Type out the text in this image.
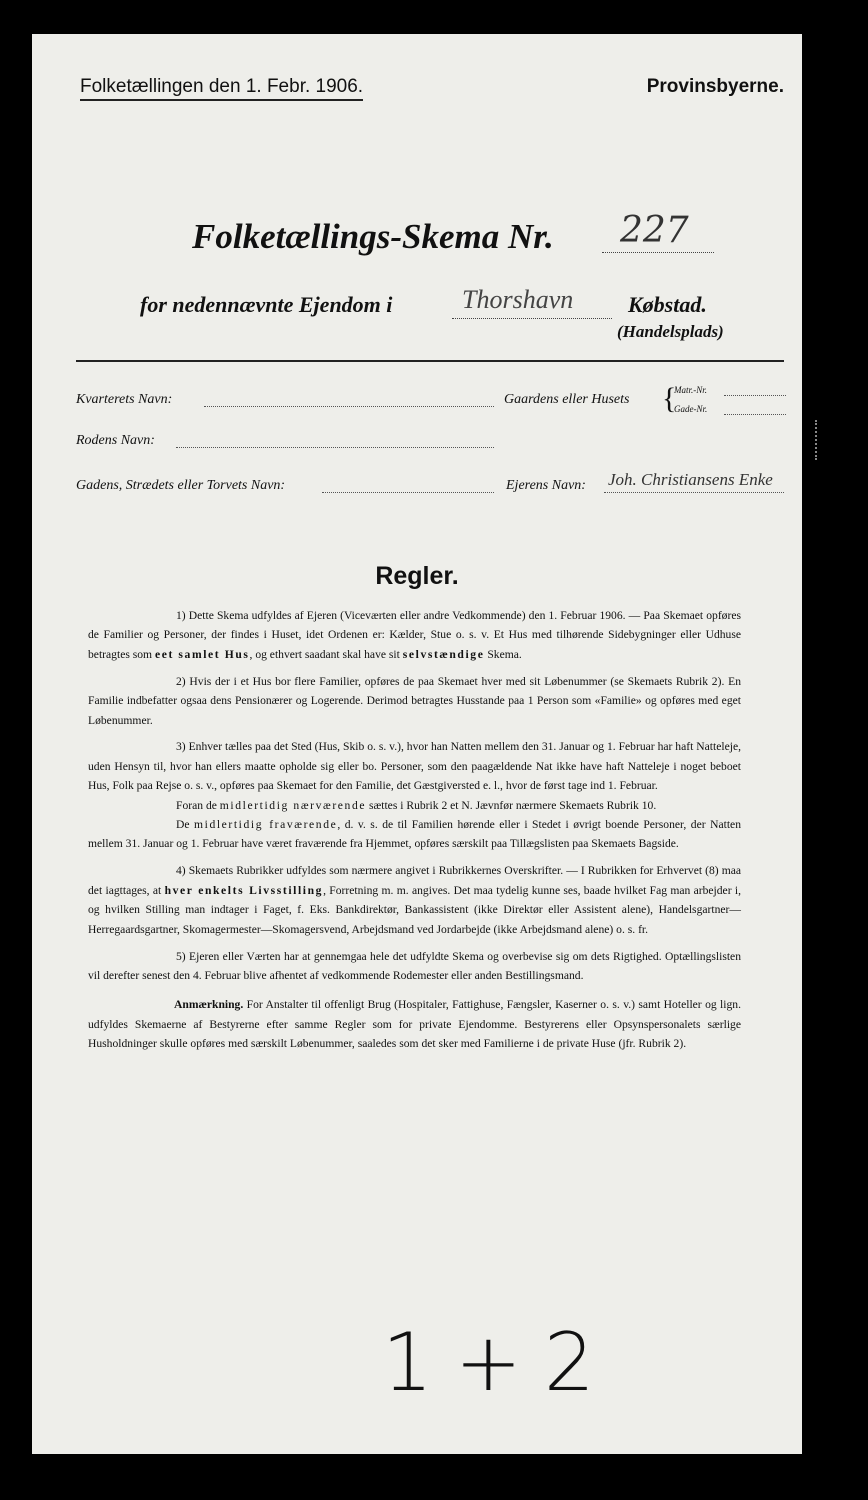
Folketællingen den 1. Febr. 1906.	Provinsbyerne.
Folketællings-Skema Nr. 227
for nedennævnte Ejendom i	Thorshavn Købstad.
(Handelsplads)
Kvarterets Navn:	Gaardens eller Husets {
Matr.-Nr.
Gade-Nr.
Rodens Navn:
Gadens, Strædets eller Torvets Navn:	Ejerens Navn: Joh. Christiansens Enke
Regler.

1) Dette Skema udfyldes af Ejeren (Viceværten eller andre Vedkommende) den 1. Februar 1906. — Paa Skemaet opføres de Familier og Personer, der findes i Huset, idet Ordenen er: Kælder, Stue o. s. v. Et Hus med tilhørende Sidebygninger eller Udhuse betragtes som eet samlet Hus, og ethvert saadant skal have sit selvstændige Skema.

2) Hvis der i et Hus bor flere Familier, opføres de paa Skemaet hver med sit Løbenummer (se Skemaets Rubrik 2). En Familie indbefatter ogsaa dens Pensionærer og Logerende. Derimod betragtes Husstande paa 1 Person som «Familie» og opføres med eget Løbenummer.

3) Enhver tælles paa det Sted (Hus, Skib o. s. v.), hvor han Natten mellem den 31. Januar og 1. Februar har haft Natteleje, uden Hensyn til, hvor han ellers maatte opholde sig eller bo. Personer, som den paagældende Nat ikke have haft Natteleje i noget beboet Hus, Folk paa Rejse o. s. v., opføres paa Skemaet for den Familie, det Gæstgiversted e. l., hvor de først tage ind 1. Februar.

Foran de midlertidig nærværende sættes i Rubrik 2 et N. Jævnfør nærmere Skemaets Rubrik 10.

De midlertidig fraværende, d. v. s. de til Familien hørende eller i Stedet i øvrigt boende Personer, der Natten mellem 31. Januar og 1. Februar have været fraværende fra Hjemmet, opføres særskilt paa Tillægslisten paa Skemaets Bagside.

4) Skemaets Rubrikker udfyldes som nærmere angivet i Rubrikkernes Overskrifter. — I Rubrikken for Erhvervet (8) maa det iagttages, at hver enkelts Livsstilling, Forretning m. m. angives. Det maa tydelig kunne ses, baade hvilket Fag man arbejder i, og hvilken Stilling man indtager i Faget, f. Eks. Bankdirektør, Bankassistent (ikke Direktør eller Assistent alene), Handelsgartner—Herregaardsgartner, Skomagermester—Skomagersvend, Arbejdsmand ved Jordarbejde (ikke Arbejdsmand alene) o. s. fr.

5) Ejeren eller Værten har at gennemgaa hele det udfyldte Skema og overbevise sig om dets Rigtighed. Optællingslisten vil derefter senest den 4. Februar blive afhentet af vedkommende Rodemester eller anden Bestillingsmand.

Anmærkning. For Anstalter til offenligt Brug (Hospitaler, Fattighuse, Fængsler, Kaserner o. s. v.) samt Hoteller og lign. udfyldes Skemaerne af Bestyrerne efter samme Regler som for private Ejendomme. Bestyrerens eller Opsynspersonalets særlige Husholdninger skulle opføres med særskilt Løbenummer, saaledes som det sker med Familierne i de private Huse (jfr. Rubrik 2).

1+2
